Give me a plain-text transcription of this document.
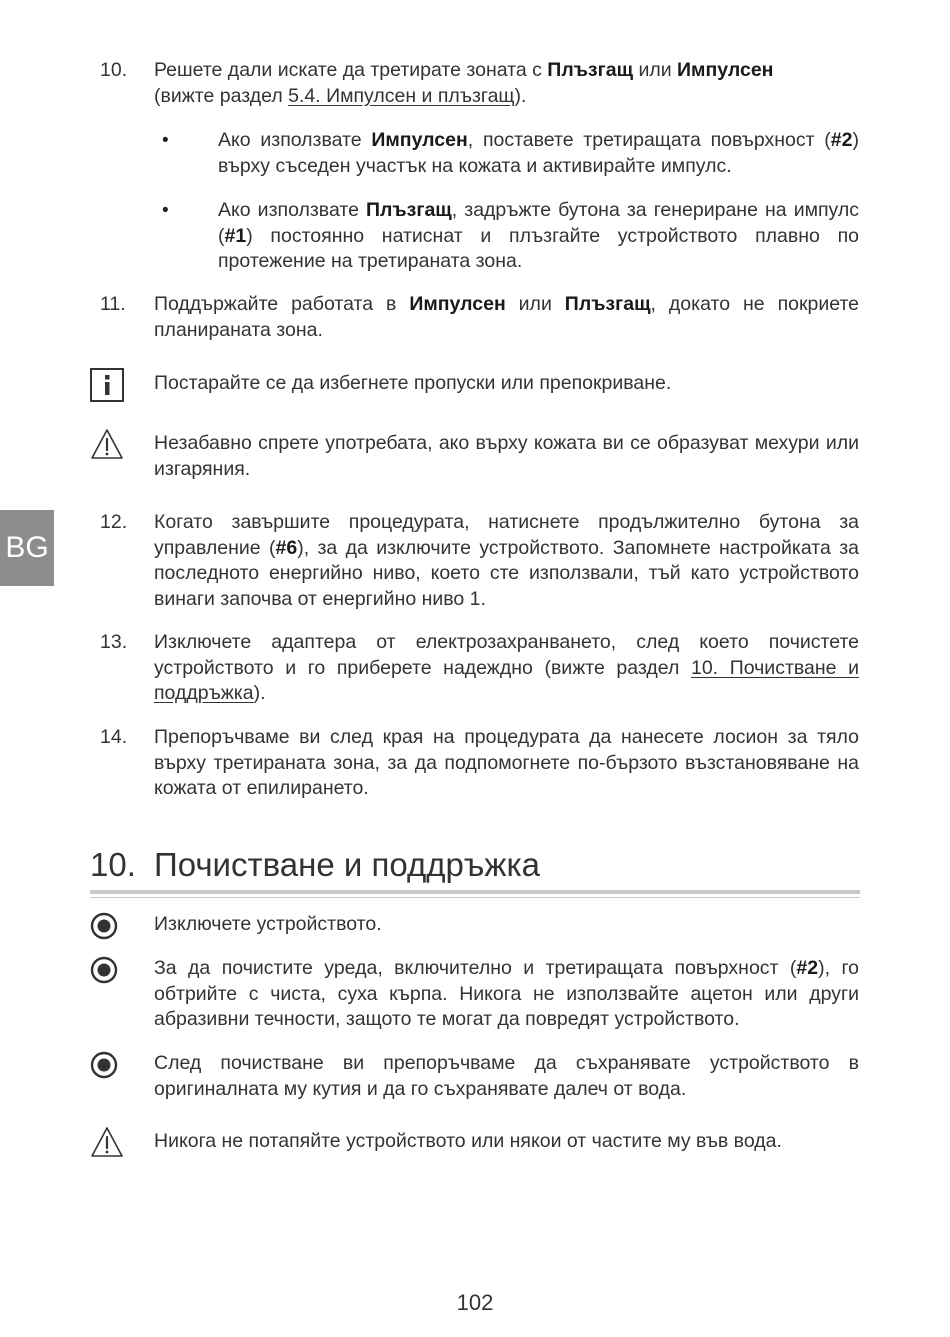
BG
10. Решете дали искате да третирате зоната с Плъзгащ или Импулсен
(вижте раздел 5.4. Импулсен и плъзгащ).
•	Ако използвате Импулсен, поставете третиращата повърхност (#2) върху съседен участък на кожата и активирайте импулс.
•	Ако използвате Плъзгащ, задръжте бутона за генериране на импулс (#1) постоянно натиснат и плъзгайте устройството плавно по протежение на третираната зона.
11. Поддържайте работата в Импулсен или Плъзгащ, докато не покриете планираната зона.
Постарайте се да избегнете пропуски или препокриване.
Незабавно спрете употребата, ако върху кожата ви се образуват мехури или изгаряния.
12. Когато завършите процедурата, натиснете продължително бутона за управление (#6), за да изключите устройството. Запомнете настройката за последното енергийно ниво, което сте използвали, тъй като устройството винаги започва от енергийно ниво 1.
13. Изключете адаптера от електрозахранването, след което почистете устройството и го приберете надеждно (вижте раздел 10. Почистване и поддръжка).
14. Препоръчваме ви след края на процедурата да нанесете лосион за тяло върху третираната зона, за да подпомогнете по-бързото възстановяване на кожата от епилирането.
10. Почистване и поддръжка
Изключете устройството.
За да почистите уреда, включително и третиращата повърхност (#2), го обтрийте с чиста, суха кърпа. Никога не използвайте ацетон или други абразивни течности, защото те могат да повредят устройството.
След почистване ви препоръчваме да съхранявате устройството в оригиналната му кутия и да го съхранявате далеч от вода.
Никога не потапяйте устройството или някои от частите му във вода.
102
